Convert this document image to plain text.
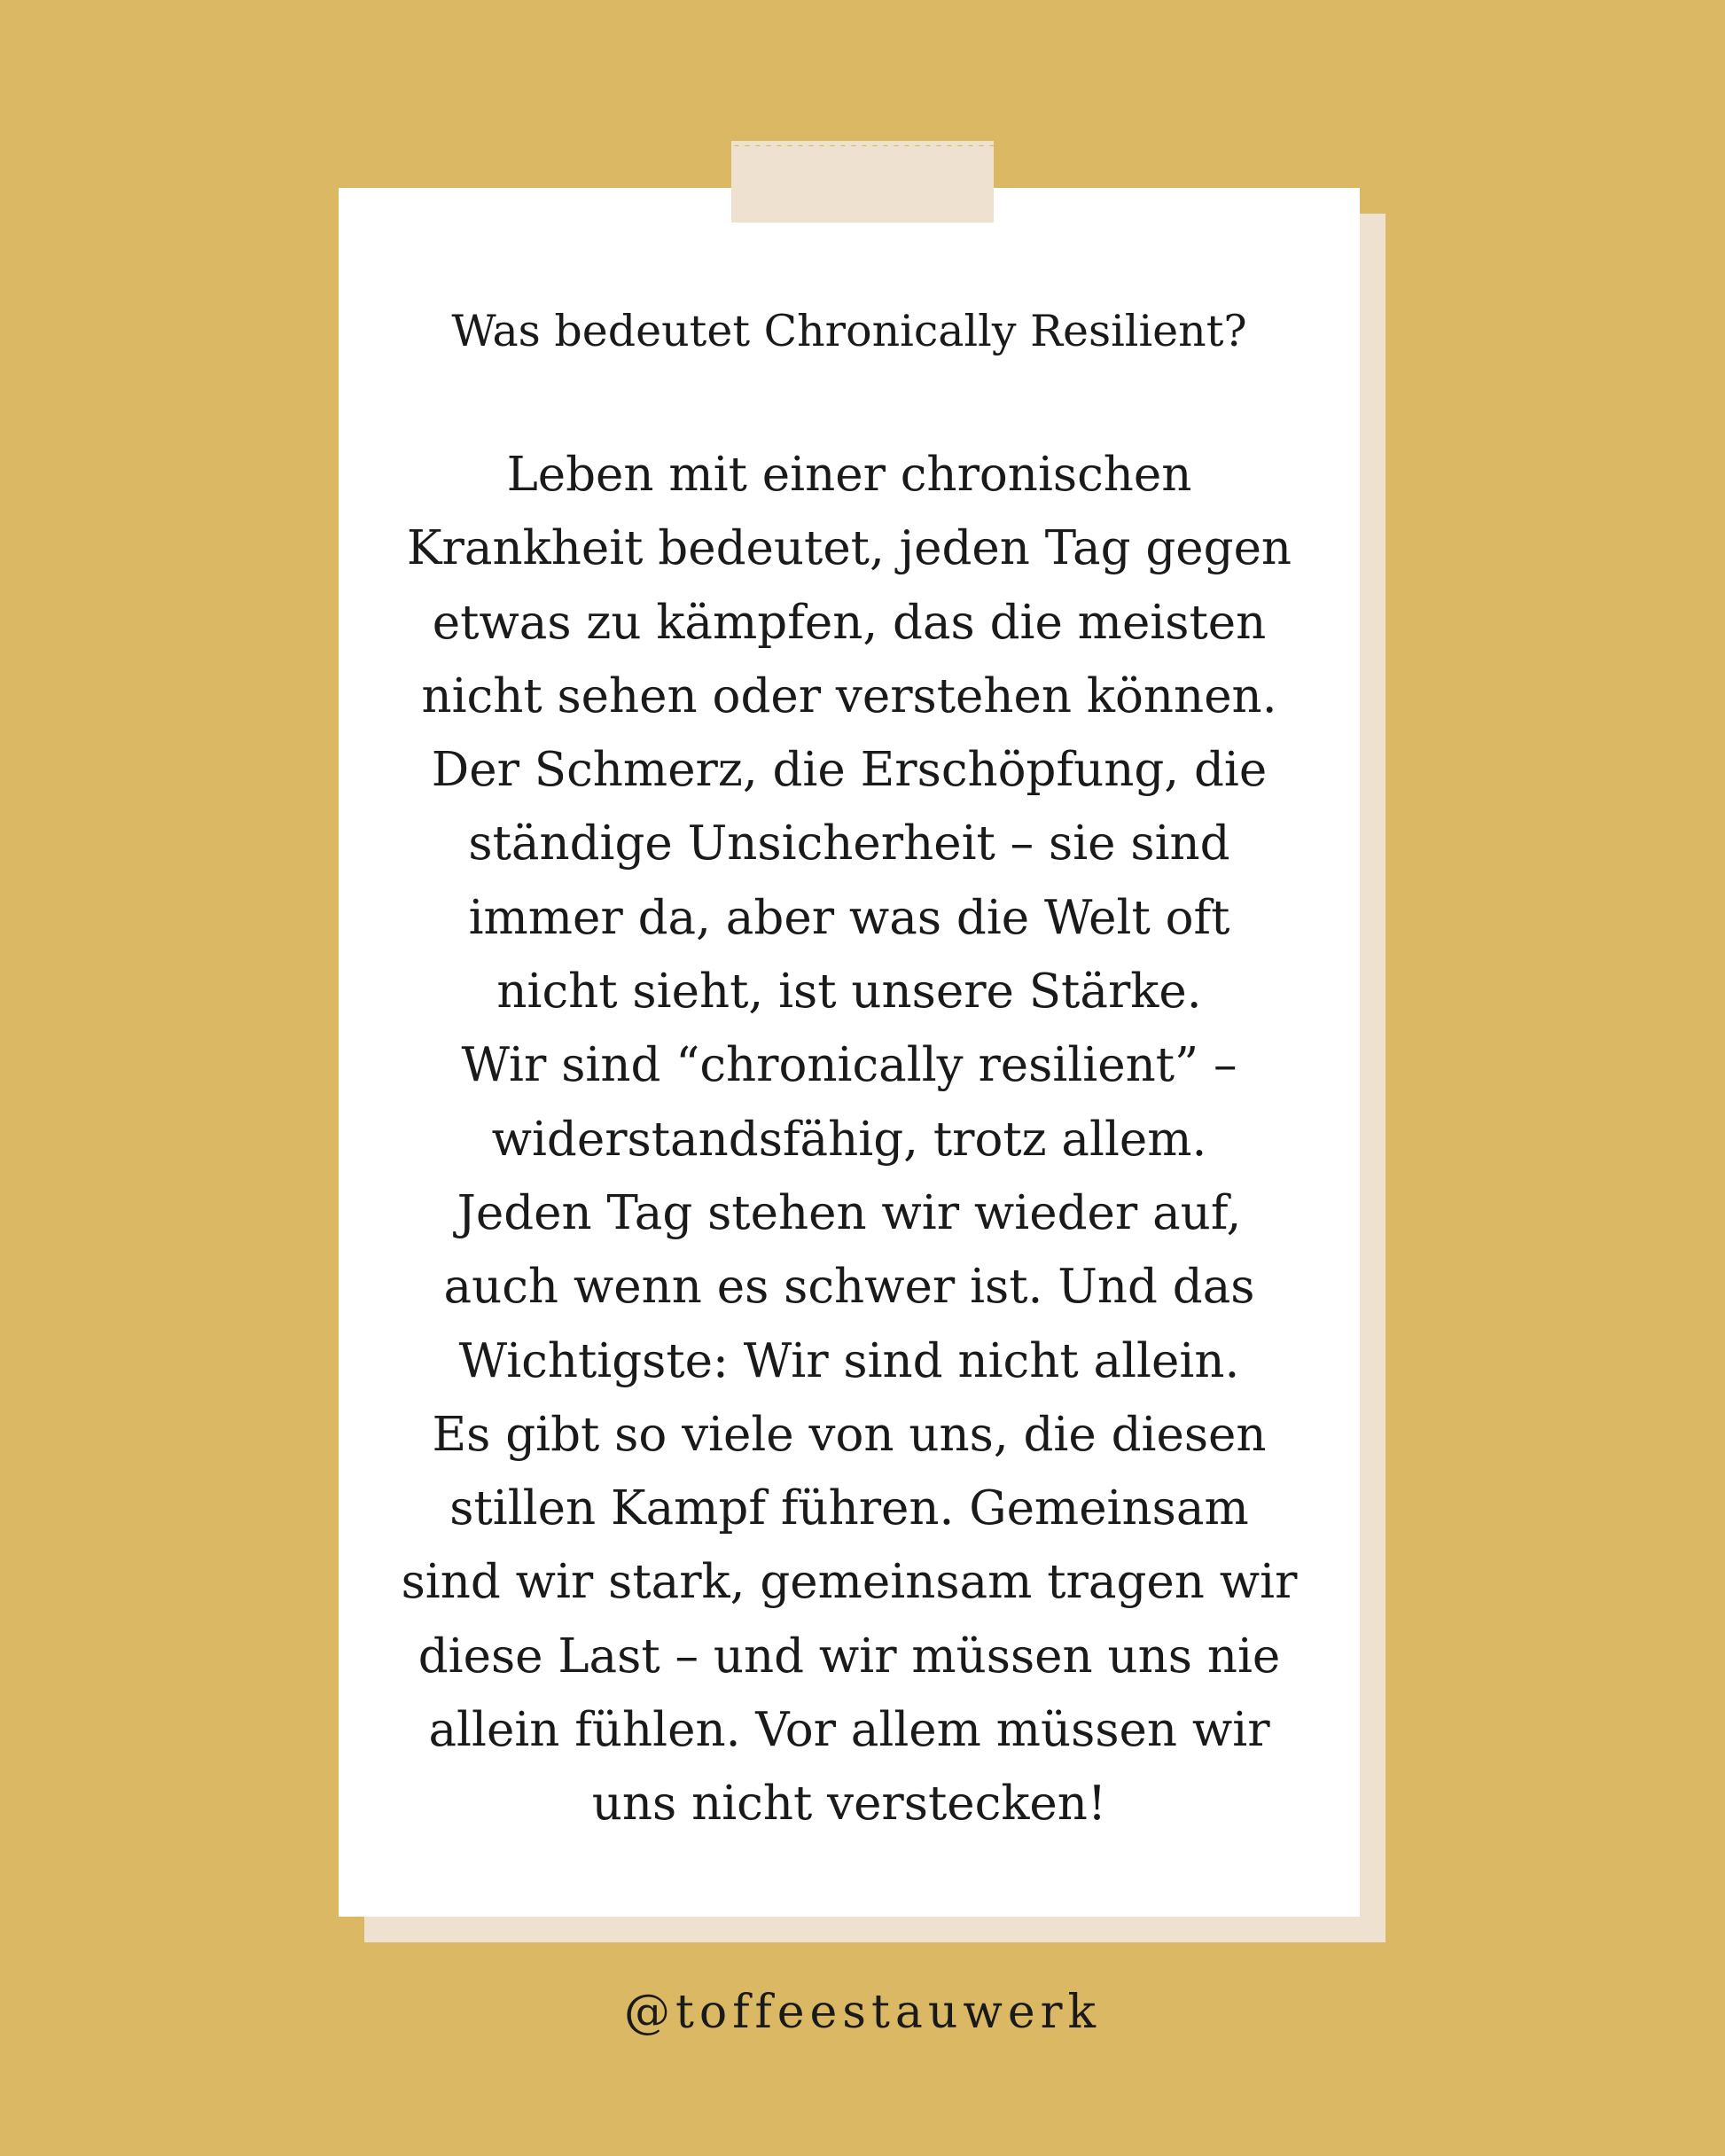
Was bedeutet Chronically Resilient?

Leben mit einer chronischen

Krankheit bedeutet, jeden Tag gegen

etwas zu kämpfen, das die meisten

nicht sehen oder verstehen können.

Der Schmerz, die Erschöpfung, die

ständige Unsicherheit – sie sind

immer da, aber was die Welt oft

nicht sieht, ist unsere Stärke.

Wir sind “chronically resilient” –

widerstandsfähig, trotz allem.

Jeden Tag stehen wir wieder auf,

auch wenn es schwer ist. Und das

Wichtigste: Wir sind nicht allein.

Es gibt so viele von uns, die diesen

stillen Kampf führen. Gemeinsam

sind wir stark, gemeinsam tragen wir

diese Last – und wir müssen uns nie

allein fühlen. Vor allem müssen wir

uns nicht verstecken!

@toffeestauwerk
